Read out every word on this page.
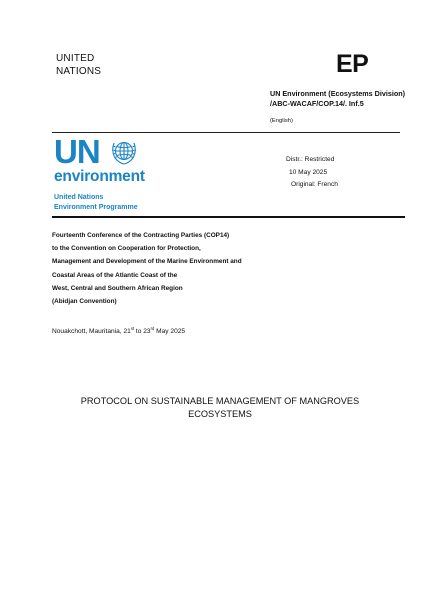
UNITED
NATIONS	EP
UN Environment (Ecosystems Division)
/ABC-WACAF/COP.14/. Inf.5
(English)
UN
environment
United Nations
Environment Programme
Distr.: Restricted
10 May 2025
Original: French
Fourteenth Conference of the Contracting Parties (COP14)
to the Convention on Cooperation for Protection,
Management and Development of the Marine Environment and
Coastal Areas of the Atlantic Coast of the
West, Central and Southern African Region
(Abidjan Convention)
Nouakchott, Mauritania, 21st to 23rd May 2025
PROTOCOL ON SUSTAINABLE MANAGEMENT OF MANGROVES
ECOSYSTEMS
